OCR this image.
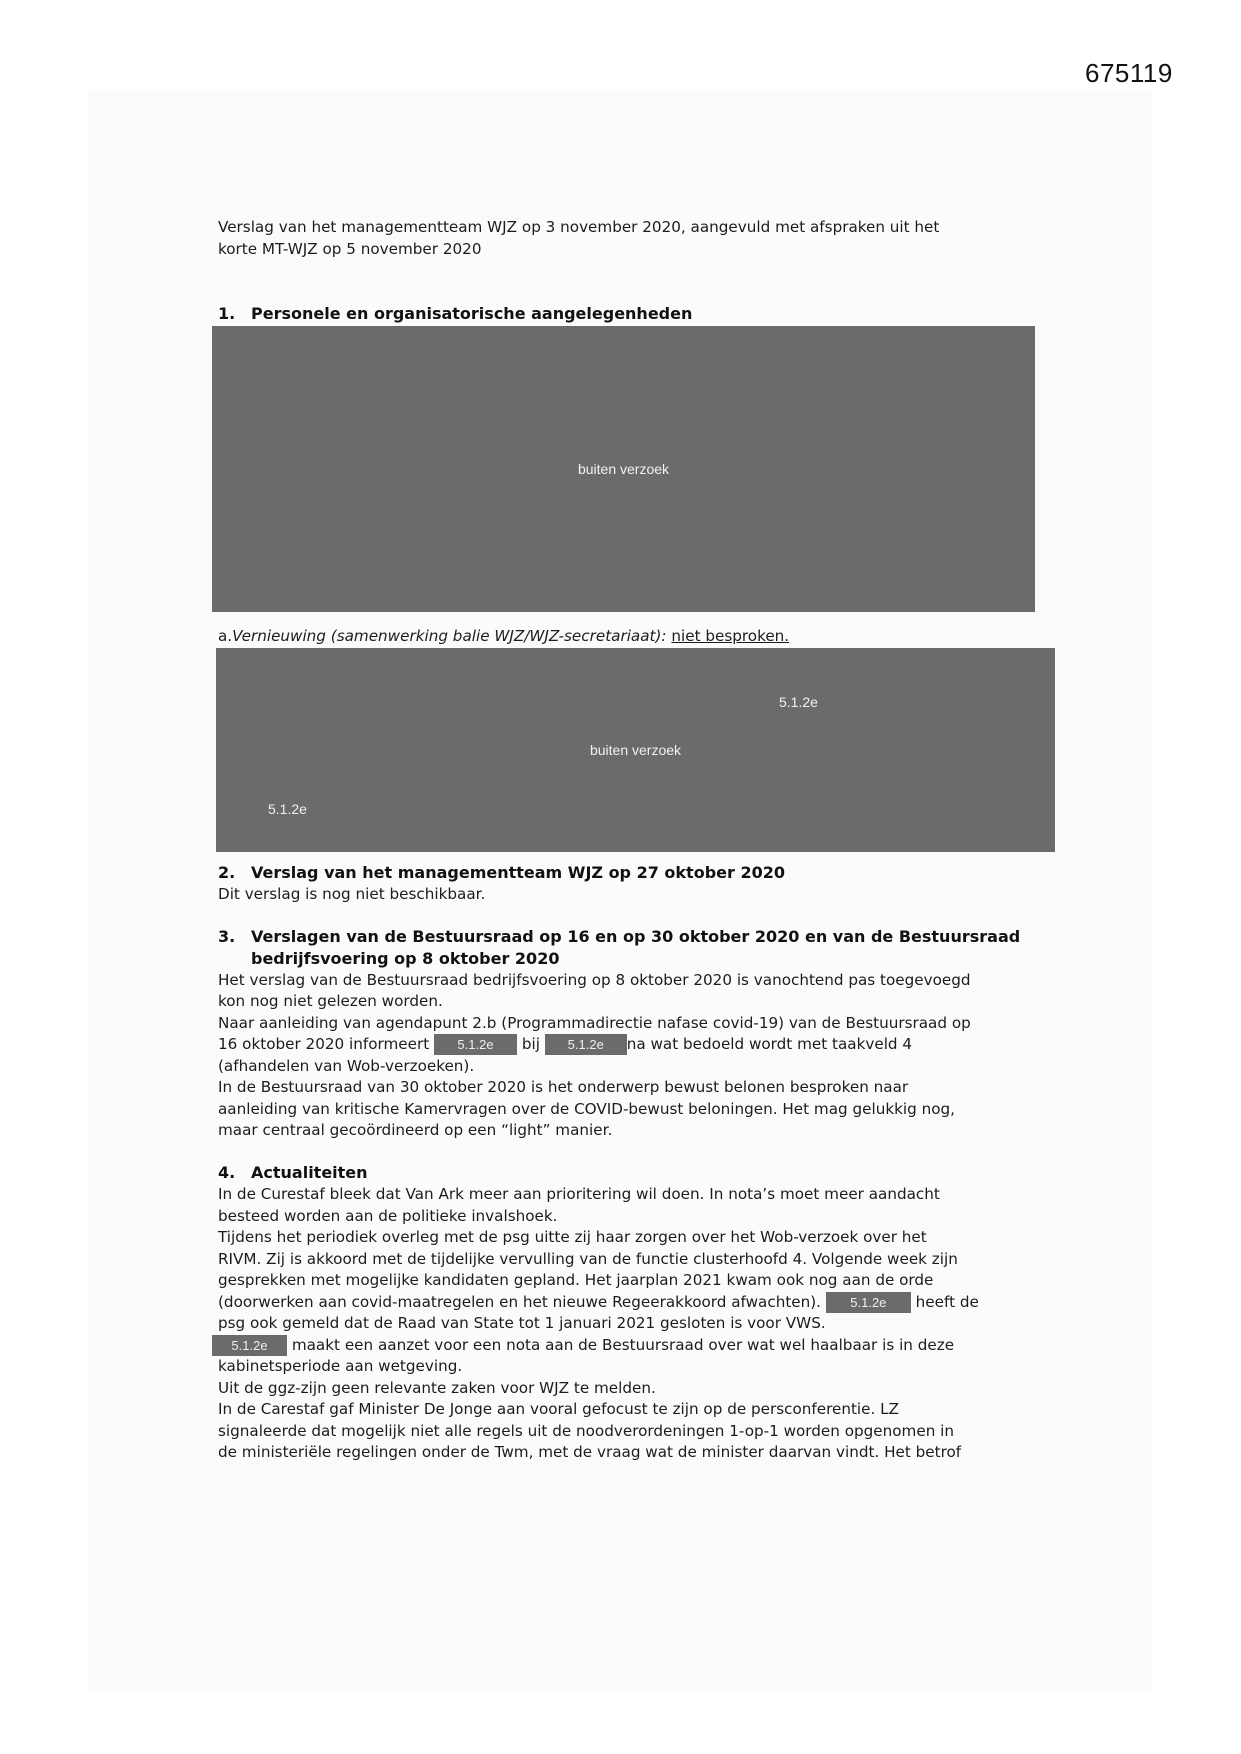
675119
Verslag van het managementteam WJZ op 3 november 2020, aangevuld met afspraken uit het
korte MT-WJZ op 5 november 2020
1. Personele en organisatorische aangelegenheden
buiten verzoek
a.Vernieuwing (samenwerking balie WJZ/WJZ-secretariaat): niet besproken.
buiten verzoek
5.1.2e
5.1.2e
2. Verslag van het managementteam WJZ op 27 oktober 2020
Dit verslag is nog niet beschikbaar.
3. Verslagen van de Bestuursraad op 16 en op 30 oktober 2020 en van de Bestuursraad
bedrijfsvoering op 8 oktober 2020
Het verslag van de Bestuursraad bedrijfsvoering op 8 oktober 2020 is vanochtend pas toegevoegd
kon nog niet gelezen worden.
Naar aanleiding van agendapunt 2.b (Programmadirectie nafase covid-19) van de Bestuursraad op
16 oktober 2020 informeert 5.1.2e bij 5.1.2e na wat bedoeld wordt met taakveld 4
(afhandelen van Wob-verzoeken).
In de Bestuursraad van 30 oktober 2020 is het onderwerp bewust belonen besproken naar
aanleiding van kritische Kamervragen over de COVID-bewust beloningen. Het mag gelukkig nog,
maar centraal gecoördineerd op een “light” manier.
4. Actualiteiten
In de Curestaf bleek dat Van Ark meer aan prioritering wil doen. In nota’s moet meer aandacht
besteed worden aan de politieke invalshoek.
Tijdens het periodiek overleg met de psg uitte zij haar zorgen over het Wob-verzoek over het
RIVM. Zij is akkoord met de tijdelijke vervulling van de functie clusterhoofd 4. Volgende week zijn
gesprekken met mogelijke kandidaten gepland. Het jaarplan 2021 kwam ook nog aan de orde
(doorwerken aan covid-maatregelen en het nieuwe Regeerakkoord afwachten). 5.1.2e heeft de
psg ook gemeld dat de Raad van State tot 1 januari 2021 gesloten is voor VWS.
5.1.2e maakt een aanzet voor een nota aan de Bestuursraad over wat wel haalbaar is in deze
kabinetsperiode aan wetgeving.
Uit de ggz-zijn geen relevante zaken voor WJZ te melden.
In de Carestaf gaf Minister De Jonge aan vooral gefocust te zijn op de persconferentie. LZ
signaleerde dat mogelijk niet alle regels uit de noodverordeningen 1-op-1 worden opgenomen in
de ministeriële regelingen onder de Twm, met de vraag wat de minister daarvan vindt. Het betrof
